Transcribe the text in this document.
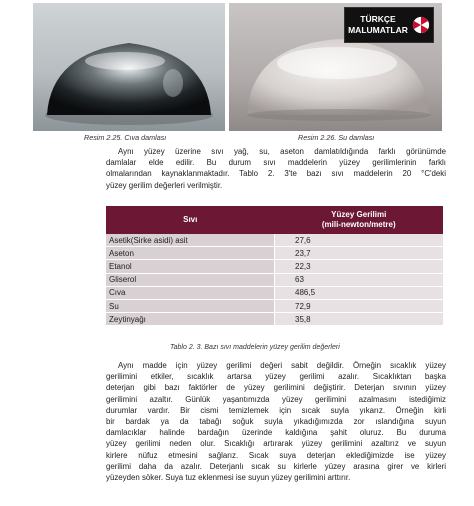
TÜRKÇE
MALUMATLAR
Resim 2.25. Cıva damlası	Resim 2.26. Su damlası

Aynı yüzey üzerine sıvı yağ, su, aseton damlatıldığında farklı görünümde
damlalar elde edilir. Bu durum sıvı maddelerin yüzey gerilimlerinin farklı
olmalarından kaynaklanmaktadır. Tablo 2. 3'te bazı sıvı maddelerin 20 °C'deki
yüzey gerilim değerleri verilmiştir.

Sıvı	Yüzey Gerilimi
(mili-newton/metre)

Asetik(Sirke asidi) asit	27,6
Aseton	23,7
Etanol	22,3
Gliserol	63
Cıva	486,5
Su	72,9
Zeytinyağı	35,8
Tablo 2. 3. Bazı sıvı maddelerin yüzey gerilim değerleri

Aynı madde için yüzey gerilimi değeri sabit değildir. Örneğin sıcaklık yüzey
gerilimini etkiler, sıcaklık artarsa yüzey gerilimi azalır. Sıcaklıktan başka
deterjan gibi bazı faktörler de yüzey gerilimini değiştirir. Deterjan sıvının yüzey
gerilimini azaltır. Günlük yaşantımızda yüzey gerilimini azalmasını istediğimiz
durumlar vardır. Bir cismi temizlemek için sıcak suyla yıkarız. Örneğin kirli
bir bardak ya da tabağı soğuk suyla yıkadığımızda zor ıslandığına suyun
damlacıklar halinde bardağın üzerinde kaldığına şahit oluruz. Bu duruma
yüzey gerilimi neden olur. Sıcaklığı artırarak yüzey gerilimini azaltırız ve suyun
kirlere nüfuz etmesini sağlarız. Sıcak suya deterjan eklediğimizde ise yüzey
gerilimi daha da azalır. Deterjanlı sıcak su kirlerle yüzey arasına girer ve kirleri
yüzeyden söker. Suya tuz eklenmesi ise suyun yüzey gerilimini arttırır.
